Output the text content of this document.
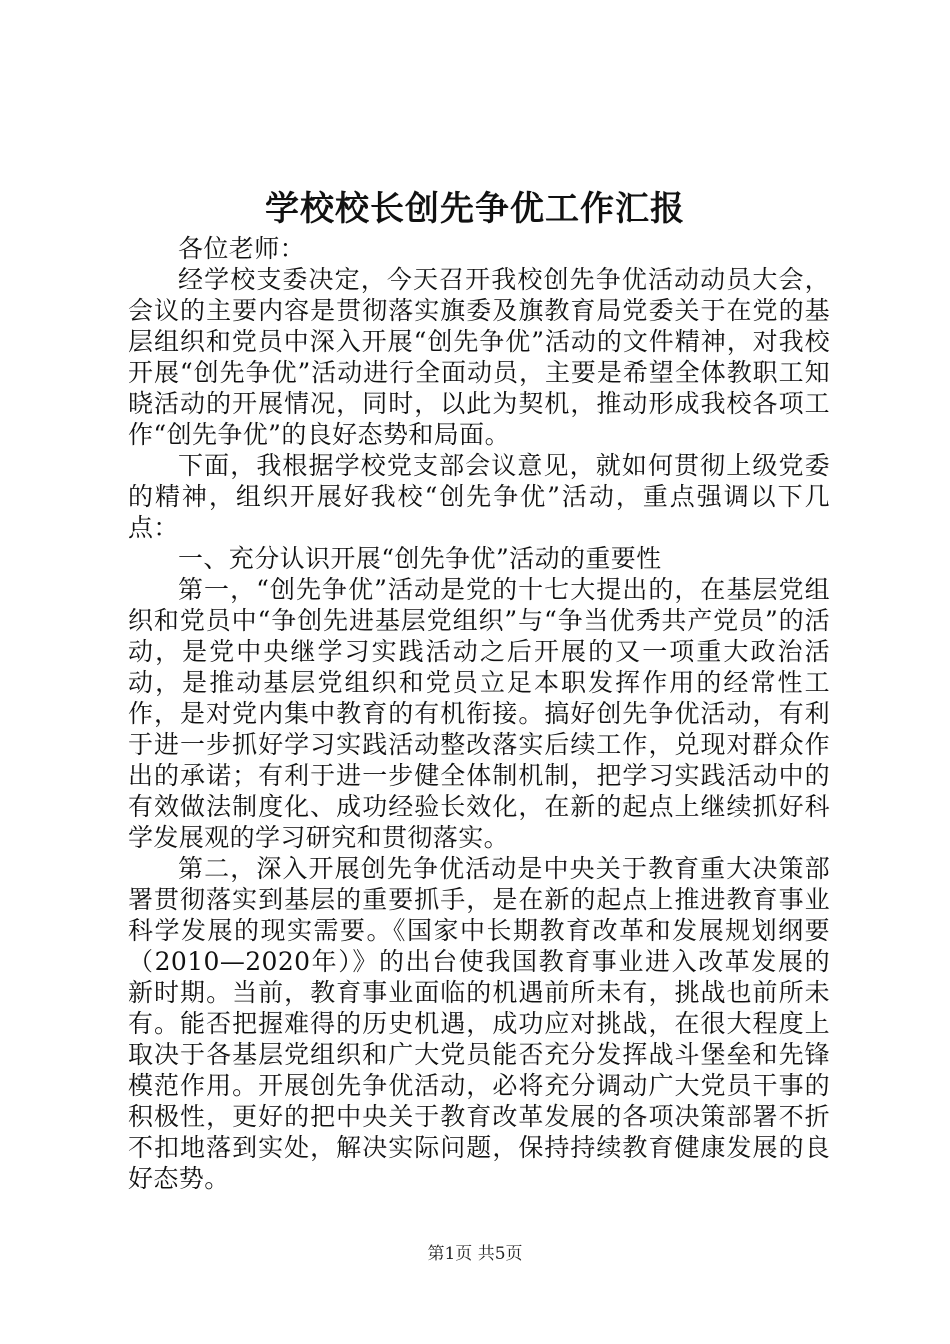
学校校长创先争优工作汇报

各位老师：

经学校支委决定，今天召开我校创先争优活动动员大会，会议的主要内容是贯彻落实旗委及旗教育局党委关于在党的基层组织和党员中深入开展“创先争优”活动的文件精神，对我校开展“创先争优”活动进行全面动员，主要是希望全体教职工知晓活动的开展情况，同时，以此为契机，推动形成我校各项工作“创先争优”的良好态势和局面。

下面，我根据学校党支部会议意见，就如何贯彻上级党委的精神，组织开展好我校“创先争优”活动，重点强调以下几点：

一、充分认识开展“创先争优”活动的重要性

第一，“创先争优”活动是党的十七大提出的，在基层党组织和党员中“争创先进基层党组织”与“争当优秀共产党员”的活动，是党中央继学习实践活动之后开展的又一项重大政治活动，是推动基层党组织和党员立足本职发挥作用的经常性工作，是对党内集中教育的有机衔接。搞好创先争优活动，有利于进一步抓好学习实践活动整改落实后续工作，兑现对群众作出的承诺；有利于进一步健全体制机制，把学习实践活动中的有效做法制度化、成功经验长效化，在新的起点上继续抓好科学发展观的学习研究和贯彻落实。

第二，深入开展创先争优活动是中央关于教育重大决策部署贯彻落实到基层的重要抓手，是在新的起点上推进教育事业科学发展的现实需要。《国家中长期教育改革和发展规划纲要（2010—2020年）》的出台使我国教育事业进入改革发展的新时期。当前，教育事业面临的机遇前所未有，挑战也前所未有。能否把握难得的历史机遇，成功应对挑战，在很大程度上取决于各基层党组织和广大党员能否充分发挥战斗堡垒和先锋模范作用。开展创先争优活动，必将充分调动广大党员干事的积极性，更好的把中央关于教育改革发展的各项决策部署不折不扣地落到实处，解决实际问题，保持持续教育健康发展的良好态势。

第1页 共5页
